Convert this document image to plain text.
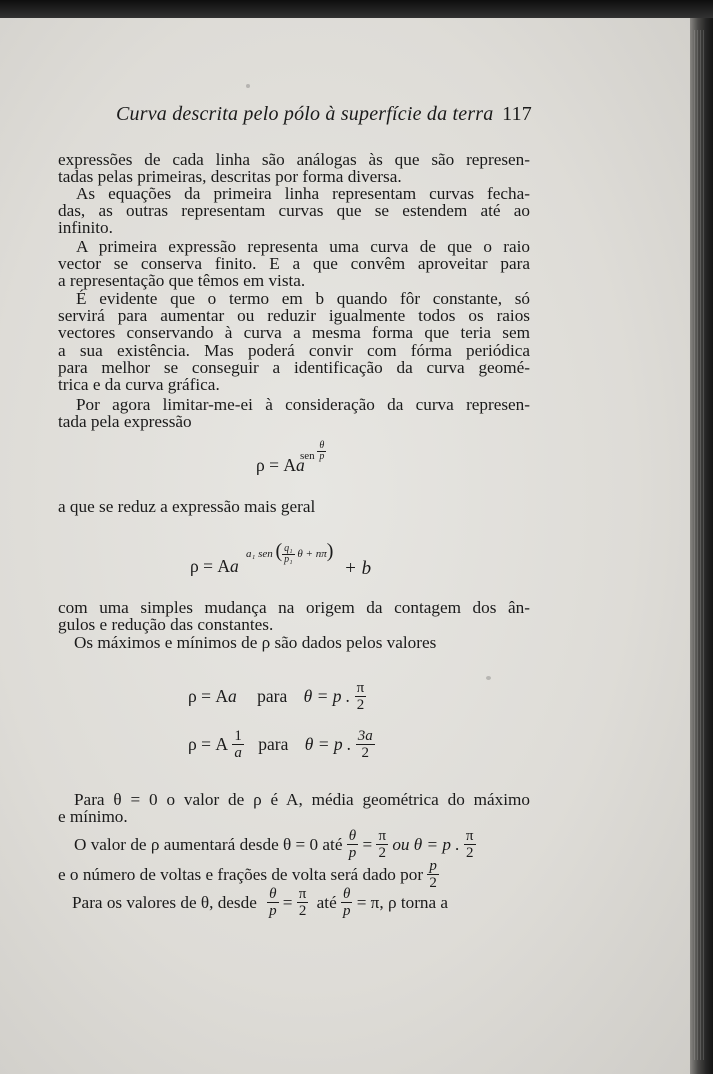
Curva descrita pelo pólo à superfície da terra 117
expressões de cada linha são análogas às que são represen-
tadas pelas primeiras, descritas por forma diversa.
As equações da primeira linha representam curvas fecha-
das, as outras representam curvas que se estendem até ao
infinito.
A primeira expressão representa uma curva de que o raio
vector se conserva finito. E a que convêm aproveitar para
a representação que têmos em vista.
É evidente que o termo em b quando fôr constante, só
servirá para aumentar ou reduzir igualmente todos os raios
vectores conservando à curva a mesma forma que teria sem
a sua existência. Mas poderá convir com fórma periódica
para melhor se conseguir a identificação da curva geomé-
trica e da curva gráfica.
Por agora limitar-me-ei à consideração da curva represen-
tada pela expressão
ρ = Aa
sen $\frac{\theta}{p}$
a que se reduz a expressão mais geral
ρ = Aa
a₁ sen ( $\frac{\text{q₁}}{\text{p₁}}$ θ + nπ)
+ b
com uma simples mudança na origem da contagem dos ân-
gulos e redução das constantes.
Os máximos e mínimos de ρ são dados pelos valores
ρ = Aa para θ = p . $\frac{\pi}{2}$
ρ = A $\frac{1}{a}$ para θ = p . $\frac{3a}{2}$
Para θ = 0 o valor de ρ é A, média geométrica do máximo
e mínimo.
O valor de ρ aumentará desde θ = 0 até $\frac{\theta}{p} = \frac{\pi}{2}$ ou θ = p . $\frac{\pi}{2}$
e o número de voltas e frações de volta será dado por $\frac{p}{2}$
Para os valores de θ, desde $\frac{\theta}{p} = \frac{\pi}{2}$ até $\frac{\theta}{p} = \pi$, ρ torna a
